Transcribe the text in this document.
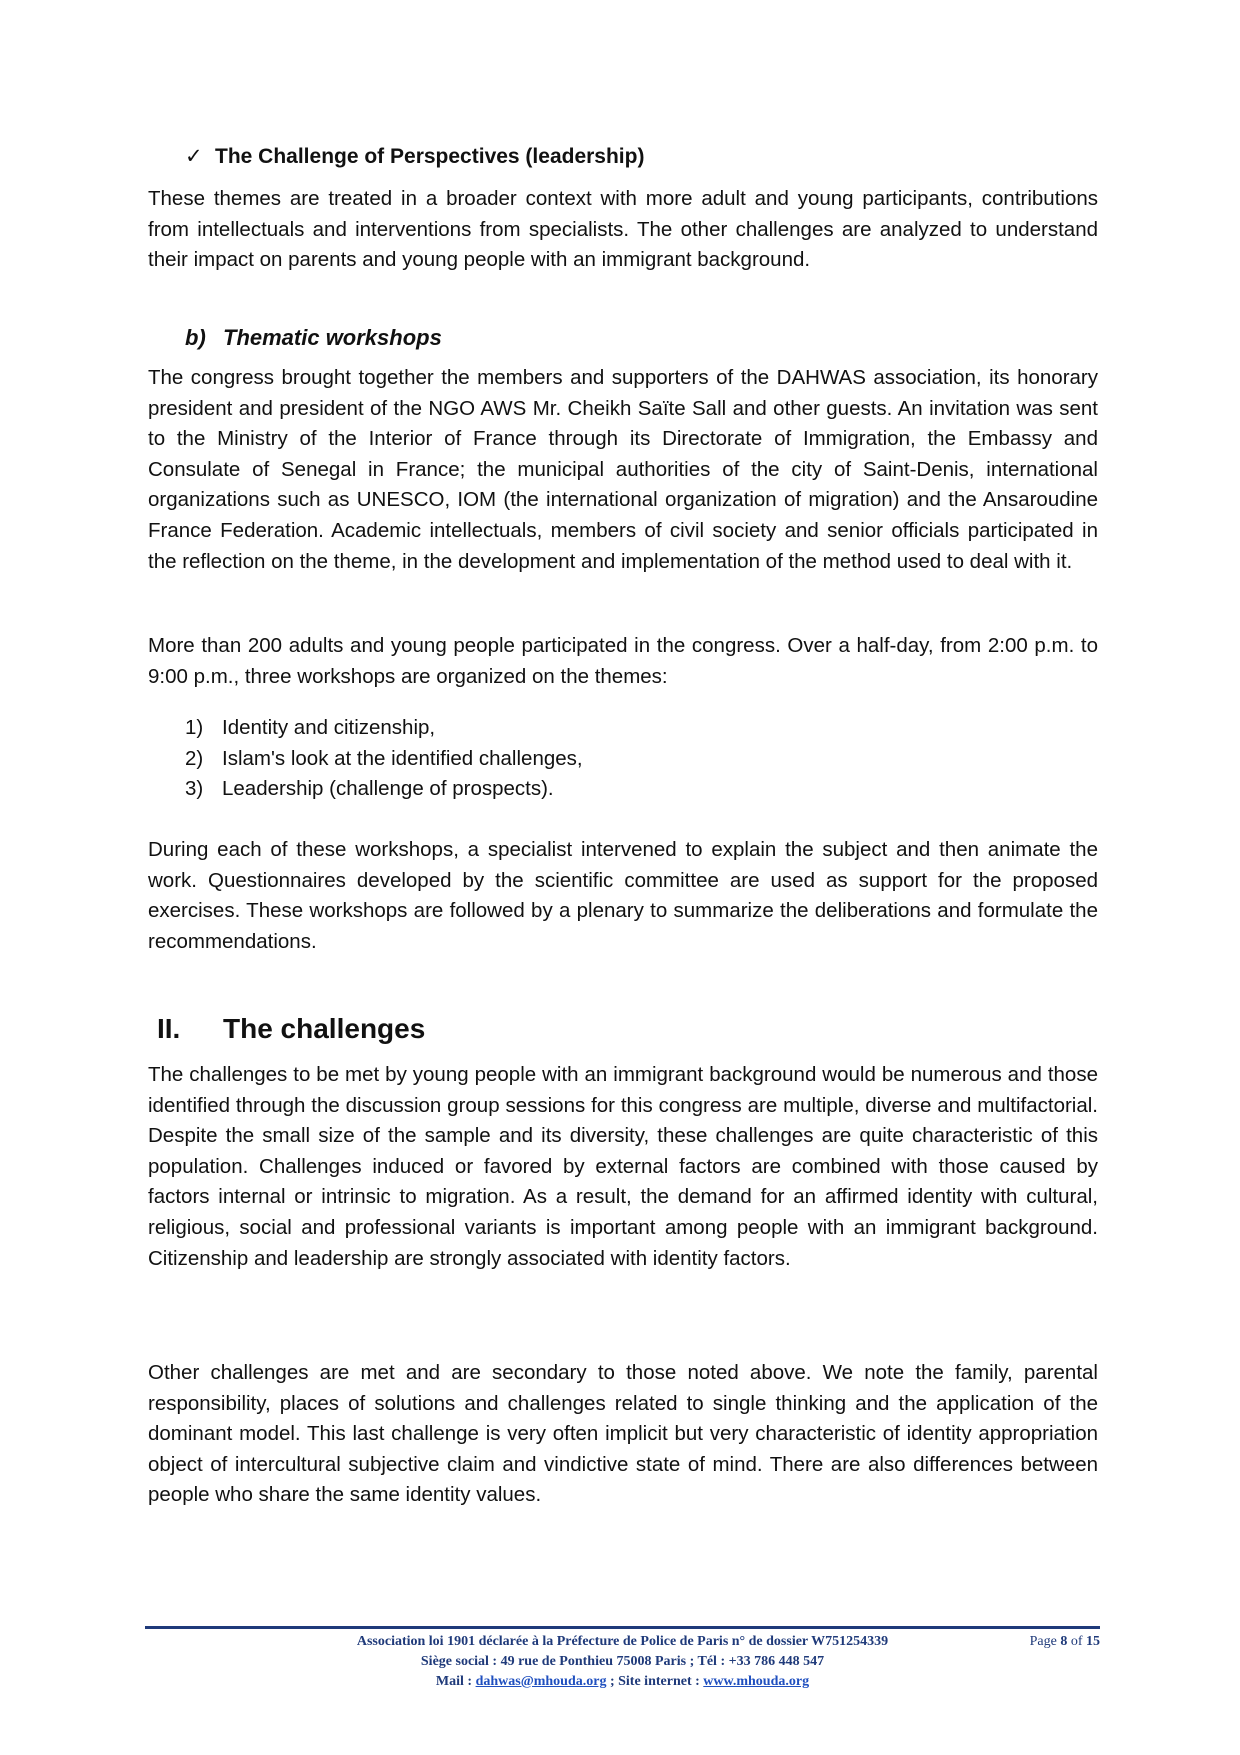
✓ The Challenge of Perspectives (leadership)

These themes are treated in a broader context with more adult and young participants, contributions from intellectuals and interventions from specialists. The other challenges are analyzed to understand their impact on parents and young people with an immigrant background.

b) Thematic workshops

The congress brought together the members and supporters of the DAHWAS association, its honorary president and president of the NGO AWS Mr. Cheikh Saïte Sall and other guests. An invitation was sent to the Ministry of the Interior of France through its Directorate of Immigration, the Embassy and Consulate of Senegal in France; the municipal authorities of the city of Saint-Denis, international organizations such as UNESCO, IOM (the international organization of migration) and the Ansaroudine France Federation. Academic intellectuals, members of civil society and senior officials participated in the reflection on the theme, in the development and implementation of the method used to deal with it.

More than 200 adults and young people participated in the congress. Over a half-day, from 2:00 p.m. to 9:00 p.m., three workshops are organized on the themes:

1) Identity and citizenship,
2) Islam's look at the identified challenges,
3) Leadership (challenge of prospects).

During each of these workshops, a specialist intervened to explain the subject and then animate the work. Questionnaires developed by the scientific committee are used as support for the proposed exercises. These workshops are followed by a plenary to summarize the deliberations and formulate the recommendations.

II. The challenges

The challenges to be met by young people with an immigrant background would be numerous and those identified through the discussion group sessions for this congress are multiple, diverse and multifactorial. Despite the small size of the sample and its diversity, these challenges are quite characteristic of this population. Challenges induced or favored by external factors are combined with those caused by factors internal or intrinsic to migration. As a result, the demand for an affirmed identity with cultural, religious, social and professional variants is important among people with an immigrant background. Citizenship and leadership are strongly associated with identity factors.

Other challenges are met and are secondary to those noted above. We note the family, parental responsibility, places of solutions and challenges related to single thinking and the application of the dominant model. This last challenge is very often implicit but very characteristic of identity appropriation object of intercultural subjective claim and vindictive state of mind. There are also differences between people who share the same identity values.

Association loi 1901 déclarée à la Préfecture de Police de Paris n° de dossier W751254339	Page 8 of 15
Siège social : 49 rue de Ponthieu 75008 Paris ; Tél : +33 786 448 547
Mail : dahwas@mhouda.org ; Site internet : www.mhouda.org
